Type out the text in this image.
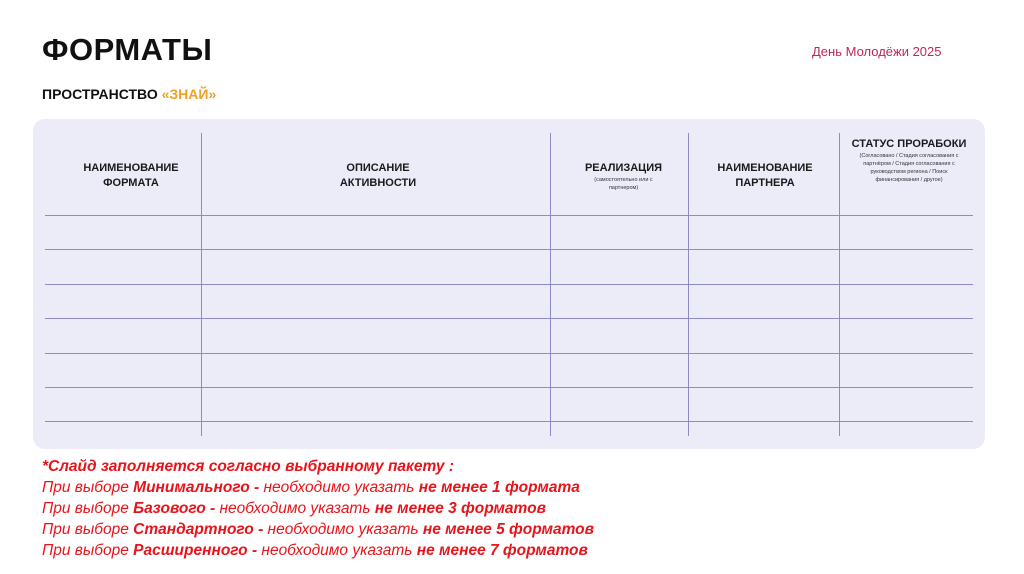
ФОРМАТЫ	День Молодёжи 2025
ПРОСТРАНСТВО «ЗНАЙ»
НАИМЕНОВАНИЕ ФОРМАТА
ОПИСАНИЕ АКТИВНОСТИ
РЕАЛИЗАЦИЯ
(самостоятельно или с партнером)
НАИМЕНОВАНИЕ ПАРТНЕРА
СТАТУС ПРОРАБОКИ
(Согласовано / Стадия согласования с партнёром / Стадия согласования с руководством региона / Поиск финансирования / другое)
*Слайд заполняется согласно выбранному пакету :
При выборе Минимального - необходимо указать не менее 1 формата
При выборе Базового - необходимо указать не менее 3 форматов
При выборе Стандартного - необходимо указать не менее 5 форматов
При выборе Расширенного - необходимо указать не менее 7 форматов
